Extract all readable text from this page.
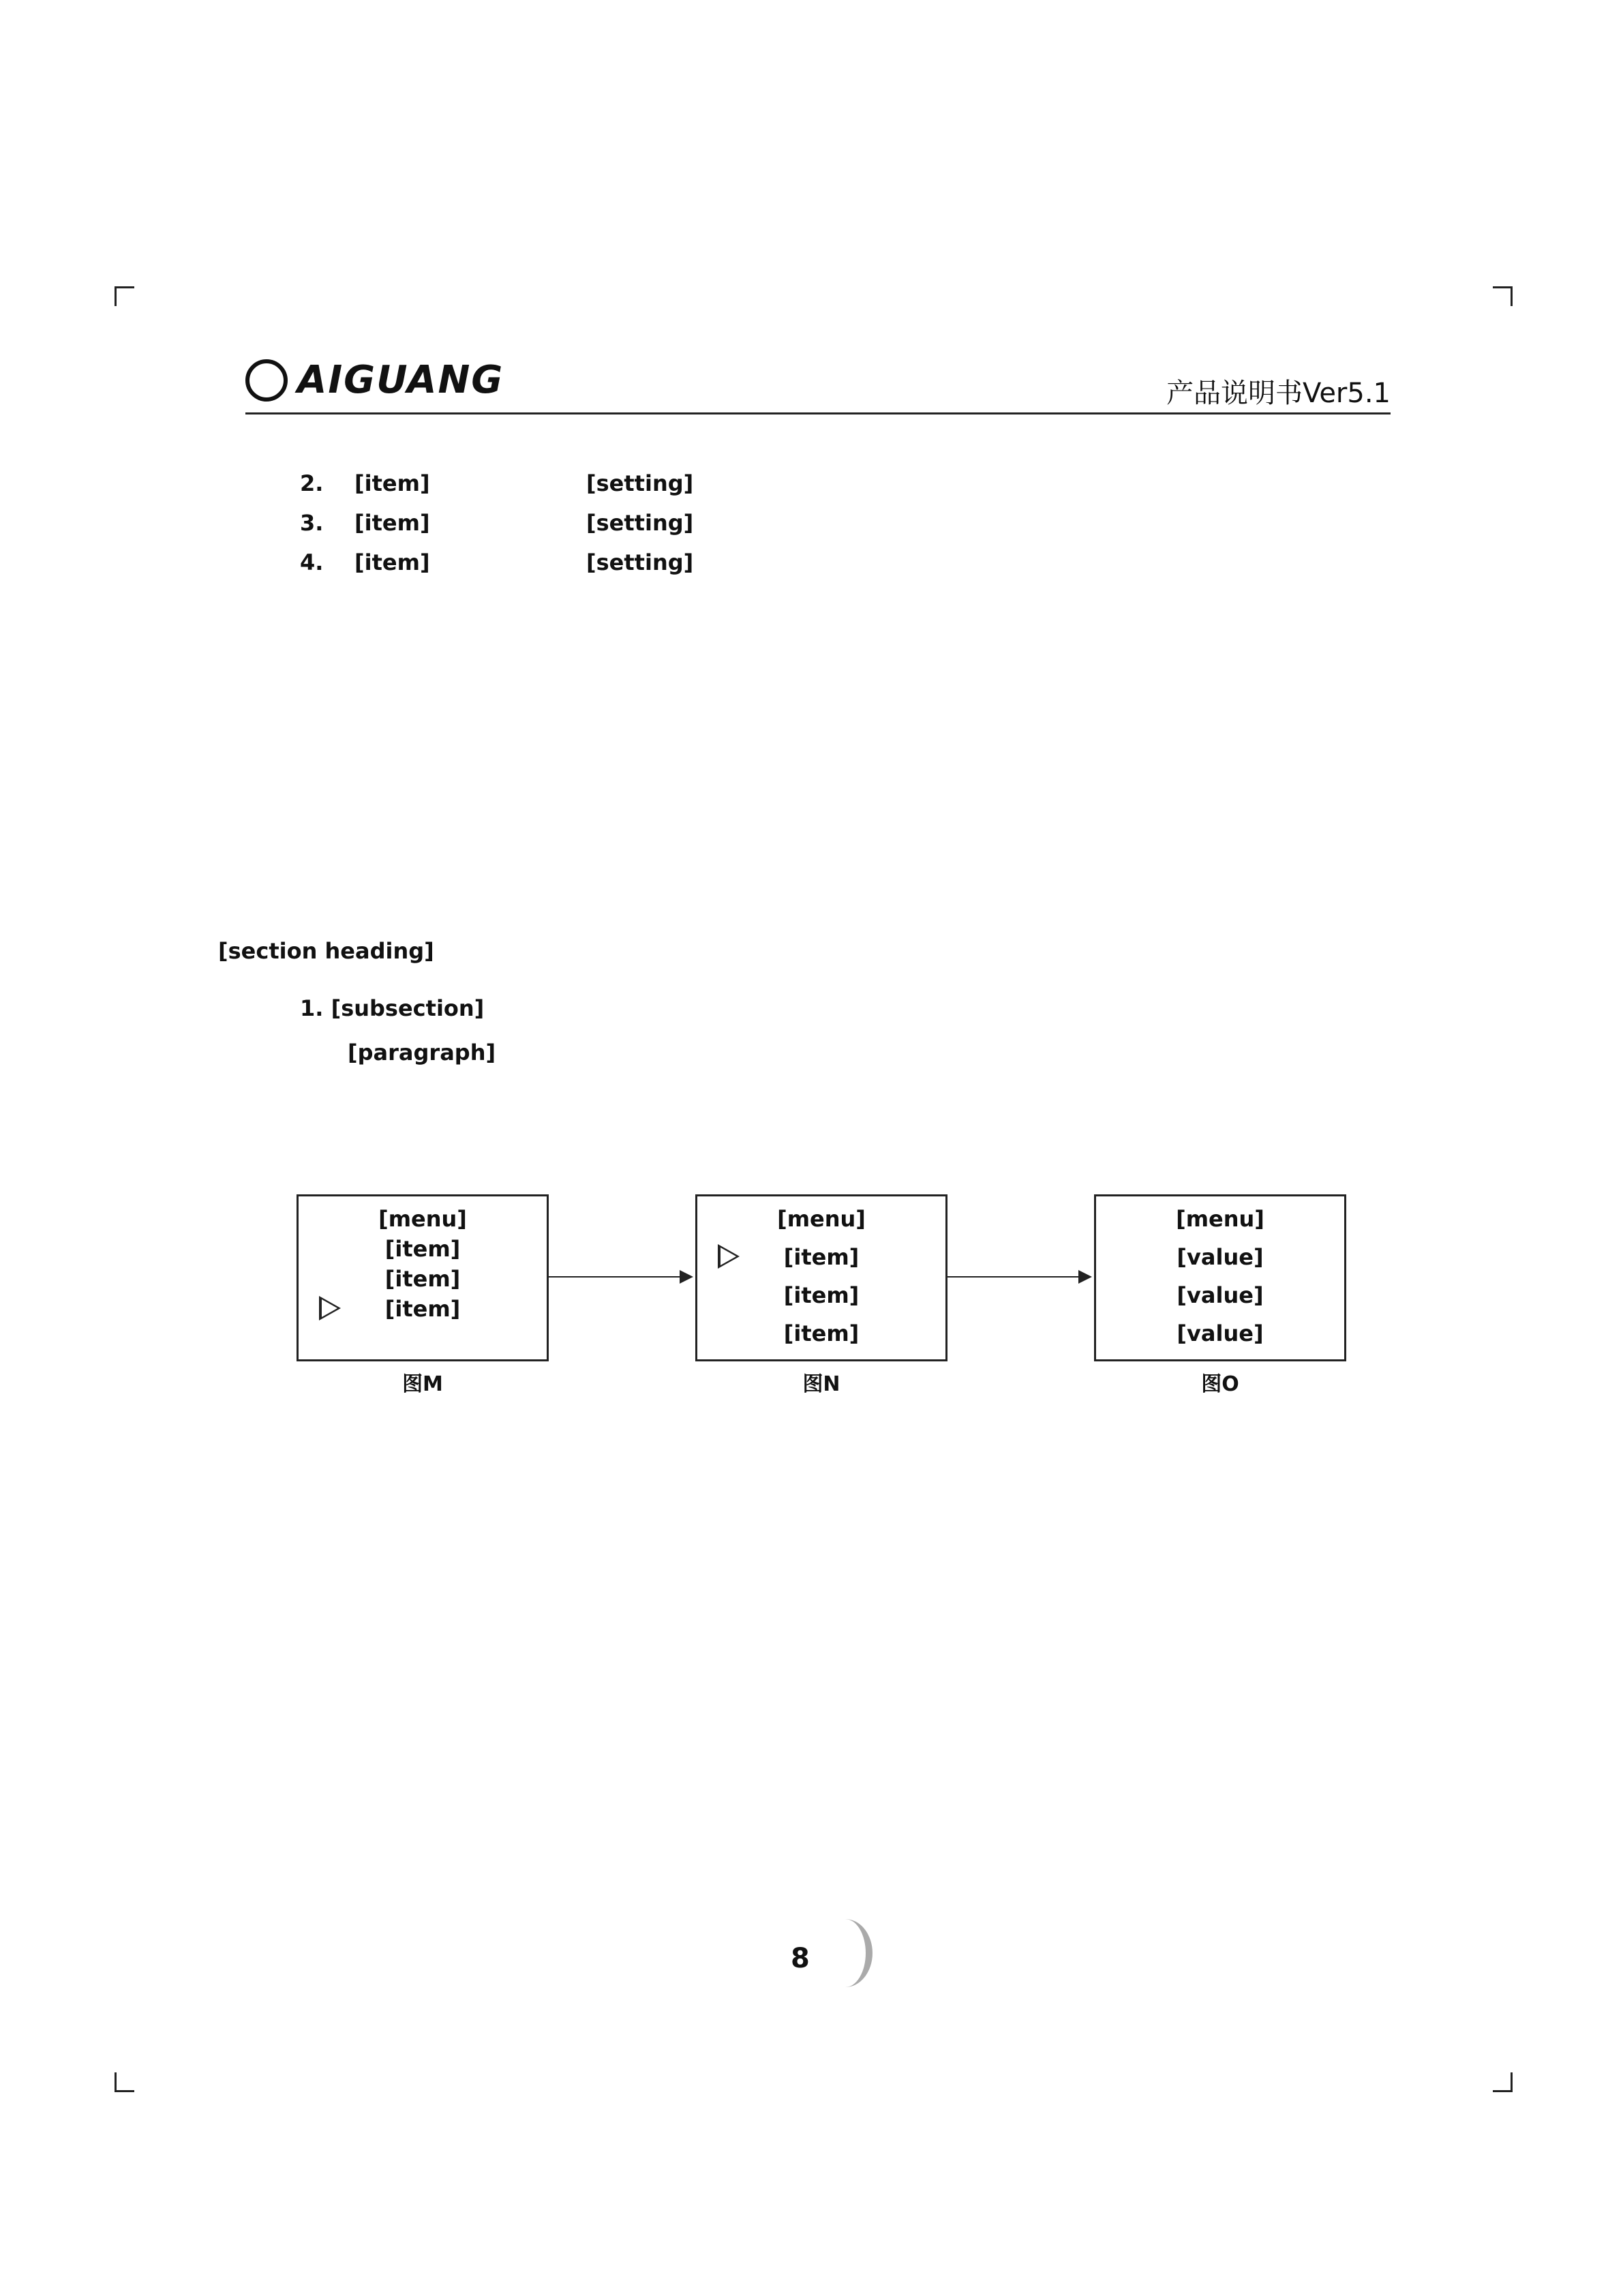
AIGUANG	产品说明书Ver5.1
2. [item]	[setting]
3. [item]	[setting]
4. [item]	[setting]
[section heading]
1. [subsection]
[paragraph]
[menu]
[item]
[item]
[item]
[menu]
[item]
[item]
[item]
[menu]
[value]
[value]
[value]
图M	图N	图O
8
